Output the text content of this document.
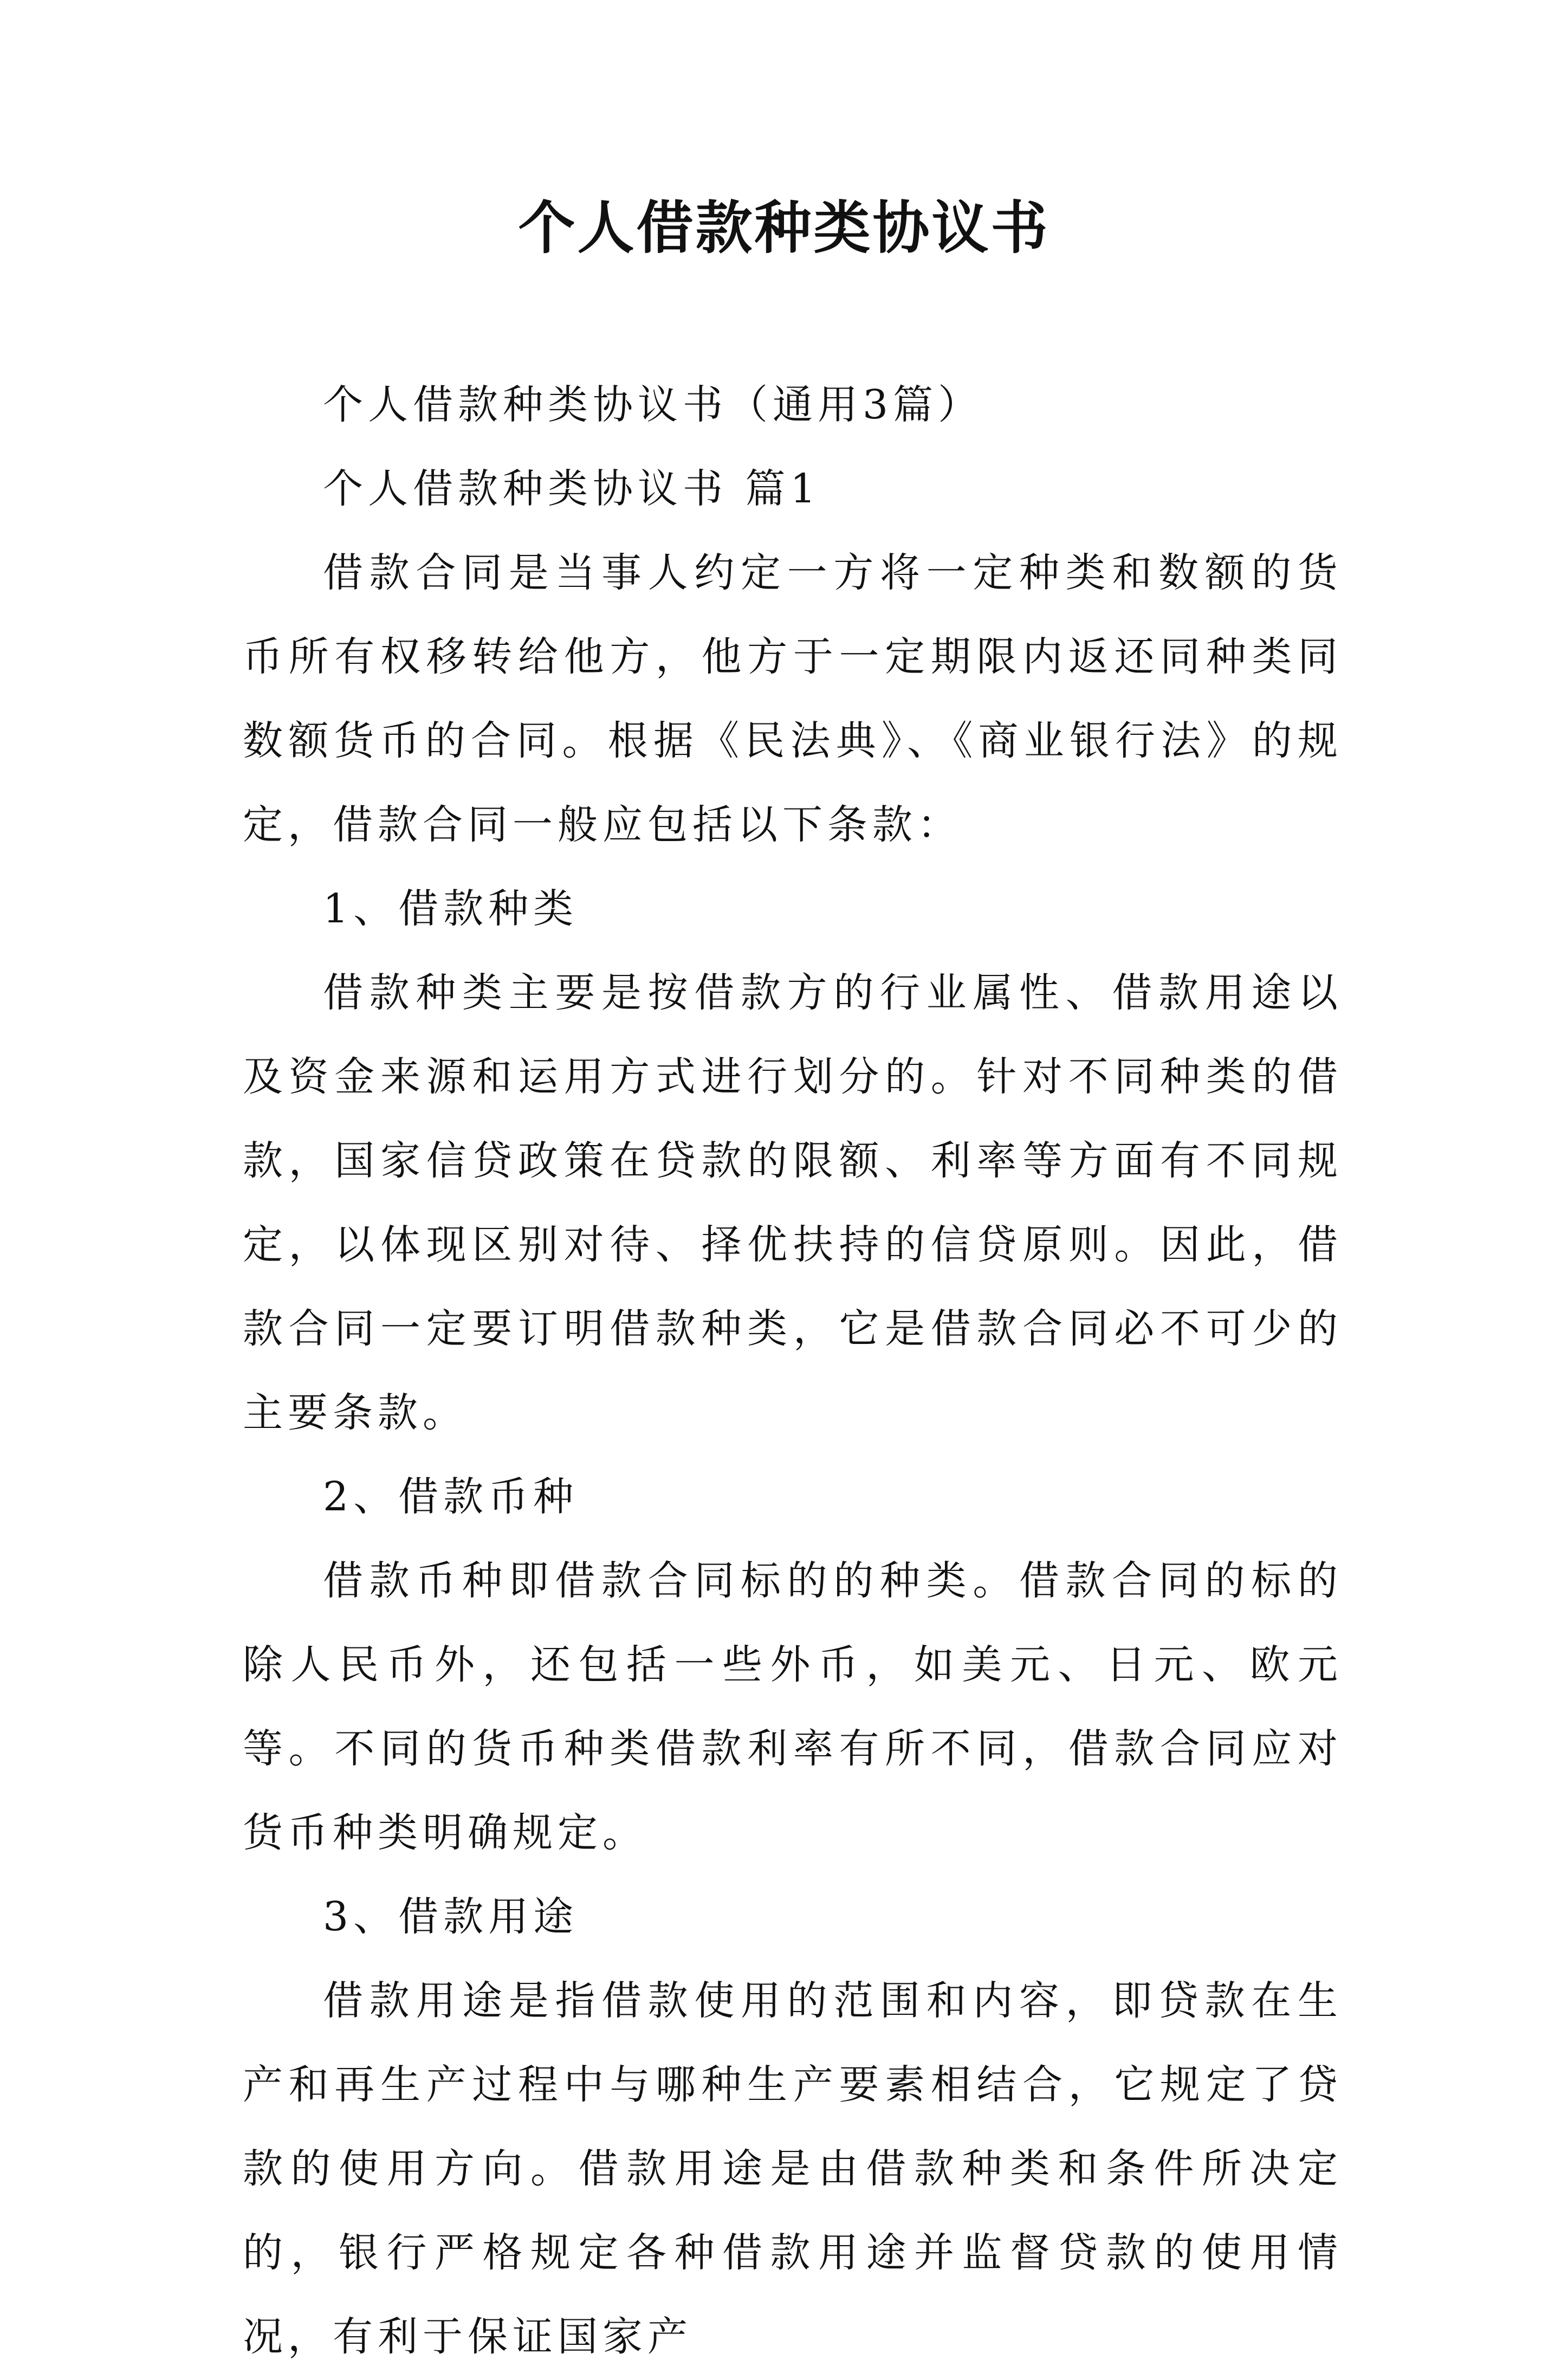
个人借款种类协议书

个人借款种类协议书（通用3篇）

个人借款种类协议书 篇1

借款合同是当事人约定一方将一定种类和数额的货币所有权移转给他方，他方于一定期限内返还同种类同数额货币的合同。根据《民法典》、《商业银行法》的规定，借款合同一般应包括以下条款：

1、借款种类

借款种类主要是按借款方的行业属性、借款用途以及资金来源和运用方式进行划分的。针对不同种类的借款，国家信贷政策在贷款的限额、利率等方面有不同规定，以体现区别对待、择优扶持的信贷原则。因此，借款合同一定要订明借款种类，它是借款合同必不可少的主要条款。

2、借款币种

借款币种即借款合同标的的种类。借款合同的标的除人民币外，还包括一些外币，如美元、日元、欧元等。不同的货币种类借款利率有所不同，借款合同应对货币种类明确规定。

3、借款用途

借款用途是指借款使用的范围和内容，即贷款在生产和再生产过程中与哪种生产要素相结合，它规定了贷款的使用方向。借款用途是由借款种类和条件所决定的，银行严格规定各种借款用途并监督贷款的使用情况，有利于保证国家产
